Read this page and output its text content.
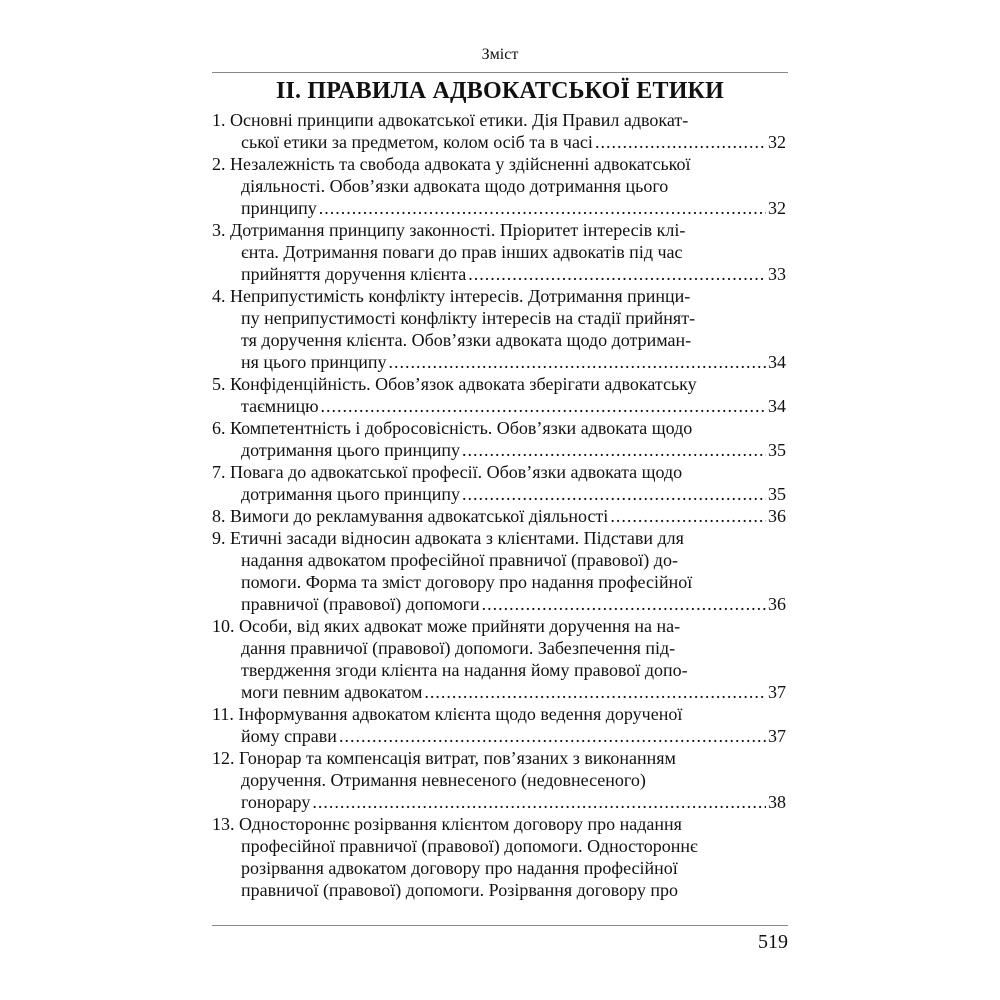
Зміст
ІІ. ПРАВИЛА АДВОКАТСЬКОЇ ЕТИКИ
1. Основні принципи адвокатської етики. Дія Правил адвокат-
ської етики за предметом, колом осіб та в часі .....	32
2. Незалежність та свобода адвоката у здійсненні адвокатської
діяльності. Обов’язки адвоката щодо дотримання цього
принципу .....	32
3. Дотримання принципу законності. Пріоритет інтересів клі-
єнта. Дотримання поваги до прав інших адвокатів під час
прийняття доручення клієнта .....	33
4. Неприпустимість конфлікту інтересів. Дотримання принци-
пу неприпустимості конфлікту інтересів на стадії прийнят-
тя доручення клієнта. Обов’язки адвоката щодо дотриман-
ня цього принципу .....	34
5. Конфіденційність. Обов’язок адвоката зберігати адвокатську
таємницю .....	34
6. Компетентність і добросовісність. Обов’язки адвоката щодо
дотримання цього принципу .....	35
7. Повага до адвокатської професії. Обов’язки адвоката щодо
дотримання цього принципу .....	35
8. Вимоги до рекламування адвокатської діяльності .....	36
9. Етичні засади відносин адвоката з клієнтами. Підстави для
надання адвокатом професійної правничої (правової) до-
помоги. Форма та зміст договору про надання професійної
правничої (правової) допомоги .....	36
10. Особи, від яких адвокат може прийняти доручення на на-
дання правничої (правової) допомоги. Забезпечення під-
твердження згоди клієнта на надання йому правової допо-
моги певним адвокатом .....	37
11. Інформування адвокатом клієнта щодо ведення дорученої
йому справи .....	37
12. Гонорар та компенсація витрат, пов’язаних з виконанням
доручення. Отримання невнесеного (недовнесеного)
гонорару .....	38
13. Одностороннє розірвання клієнтом договору про надання
професійної правничої (правової) допомоги. Одностороннє
розірвання адвокатом договору про надання професійної
правничої (правової) допомоги. Розірвання договору про
519
